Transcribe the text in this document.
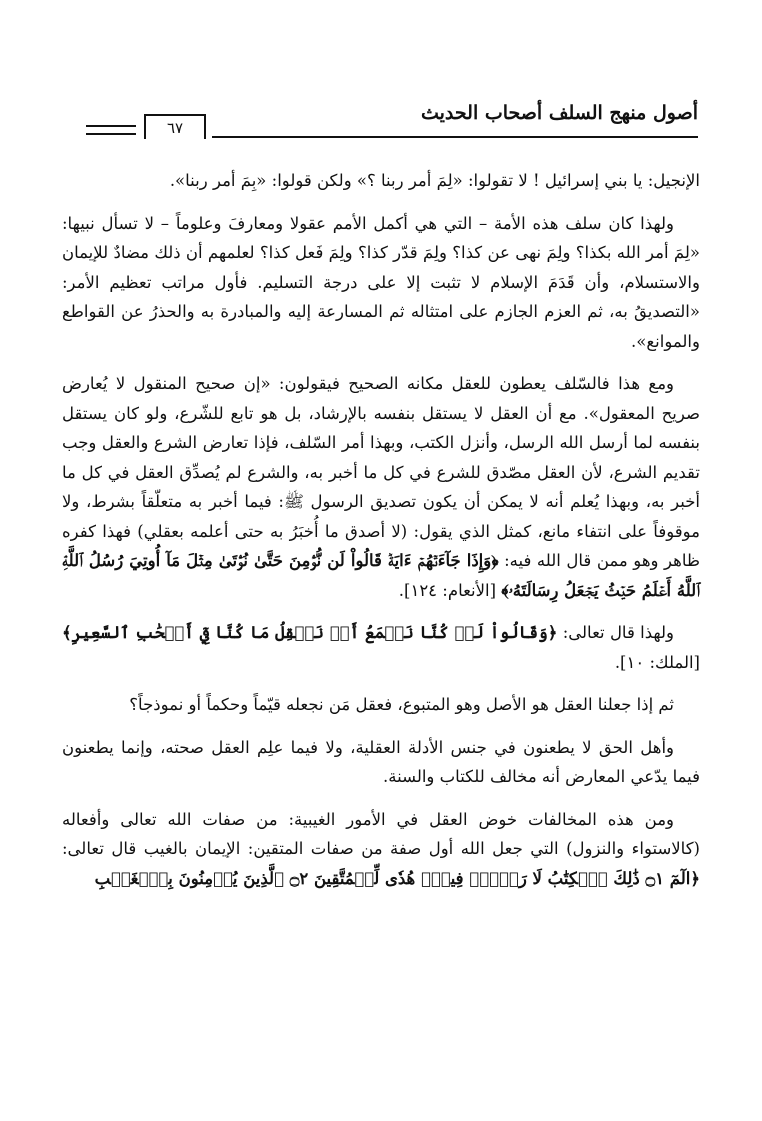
أصول منهج السلف أصحاب الحديث
٦٧

الإنجيل: يا بني إسرائيل ! لا تقولوا: «لِمَ أمر ربنا ؟» ولكن قولوا: «بِمَ أمر ربنا».

ولهذا كان سلف هذه الأمة – التي هي أكمل الأمم عقولا ومعارفَ وعلوماً – لا تسأل نبيها: «لِمَ أمر الله بكذا؟ ولِمَ نهى عن كذا؟ ولِمَ قدّر كذا؟ ولِمَ فَعل كذا؟ لعلمهم أن ذلك مضادٌ للإيمان والاستسلام، وأن قَدَمَ الإسلام لا تثبت إلا على درجة التسليم. فأول مراتب تعظيم الأمر: «التصديقُ به، ثم العزم الجازم على امتثاله ثم المسارعة إليه والمبادرة به والحذرُ عن القواطع والموانع».

ومع هذا فالسّلف يعطون للعقل مكانه الصحيح فيقولون: «إن صحيح المنقول لا يُعارض صريح المعقول». مع أن العقل لا يستقل بنفسه بالإرشاد، بل هو تابع للشّرع، ولو كان يستقل بنفسه لما أرسل الله الرسل، وأنزل الكتب، وبهذا أمر السّلف، فإذا تعارض الشرع والعقل وجب تقديم الشرع، لأن العقل مصّدق للشرع في كل ما أخبر به، والشرع لم يُصدِّق العقل في كل ما أخبر به، وبهذا يُعلم أنه لا يمكن أن يكون تصديق الرسول ﷺ: فيما أخبر به متعلّقاً بشرط، ولا موقوفاً على انتفاء مانع، كمثل الذي يقول: (لا أصدق ما أُخبَرُ به حتى أعلمه بعقلي) فهذا كفره ظاهر وهو ممن قال الله فيه: ﴿وَإِذَا جَآءَتۡهُمۡ ءَايَةٞ قَالُواْ لَن نُّؤۡمِنَ حَتَّىٰ نُؤۡتَىٰ مِثۡلَ مَآ أُوتِيَ رُسُلُ ٱللَّهِۘ ٱللَّهُ أَعۡلَمُ حَيۡثُ يَجۡعَلُ رِسَالَتَهُۥ﴾ [الأنعام: ١٢٤].

ولهذا قال تعالى: ﴿وَقَالُواْ لَوۡ كُنَّا نَسۡمَعُ أَوۡ نَعۡقِلُ مَا كُنَّا فِيٓ أَصۡحَٰبِ ٱلسَّعِيرِ﴾ [الملك: ١٠].

ثم إذا جعلنا العقل هو الأصل وهو المتبوع، فعقل مَن نجعله قيّماً وحكماً أو نموذجاً؟

وأهل الحق لا يطعنون في جنس الأدلة العقلية، ولا فيما علِم العقل صحته، وإنما يطعنون فيما يدّعي المعارض أنه مخالف للكتاب والسنة.

ومن هذه المخالفات خوض العقل في الأمور الغيبية: من صفات الله تعالى وأفعاله (كالاستواء والنزول) التي جعل الله أول صفة من صفات المتقين: الإيمان بالغيب قال تعالى: ﴿الٓمٓ ۝١ ذَٰلِكَ ٱلۡكِتَٰبُ لَا رَيۡبَۛ فِيهِۛ هُدٗى لِّلۡمُتَّقِينَ ۝٢ ٱلَّذِينَ يُؤۡمِنُونَ بِٱلۡغَيۡبِ
